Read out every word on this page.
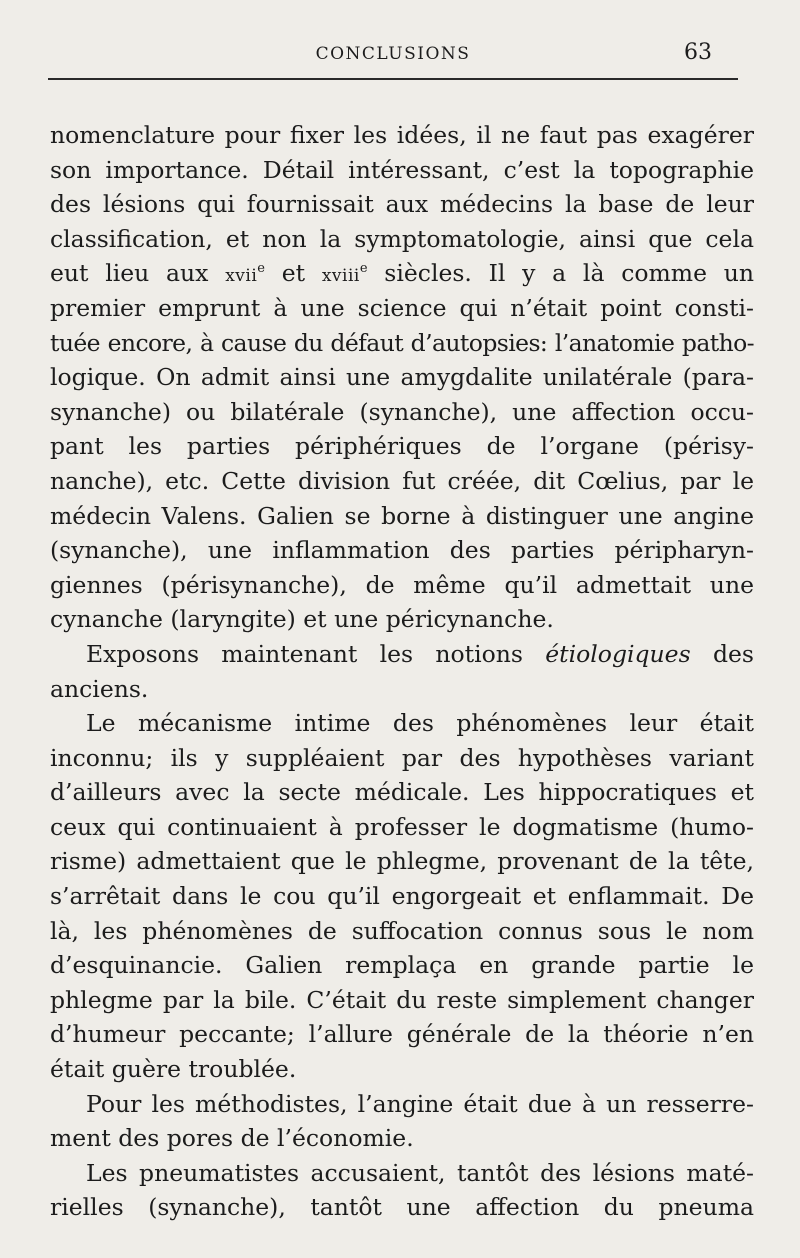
CONCLUSIONS	63
nomenclature pour fixer les idées, il ne faut pas exagérer
son importance. Détail intéressant, c’est la topographie
des lésions qui fournissait aux médecins la base de leur
classification, et non la symptomatologie, ainsi que cela
eut lieu aux xvii$^e$ et xviii$^e$ siècles. Il y a là comme un
premier emprunt à une science qui n’était point consti-
tuée encore, à cause du défaut d’autopsies: l’anatomie patho-
logique. On admit ainsi une amygdalite unilatérale (para-
synanche) ou bilatérale (synanche), une affection occu-
pant les parties périphériques de l’organe (périsy-
nanche), etc. Cette division fut créée, dit Cœlius, par le
médecin Valens. Galien se borne à distinguer une angine
(synanche), une inflammation des parties péripharyn-
giennes (périsynanche), de même qu’il admettait une
cynanche (laryngite) et une péricynanche.
Exposons maintenant les notions étiologiques des
anciens.
Le mécanisme intime des phénomènes leur était
inconnu; ils y suppléaient par des hypothèses variant
d’ailleurs avec la secte médicale. Les hippocratiques et
ceux qui continuaient à professer le dogmatisme (humo-
risme) admettaient que le phlegme, provenant de la tête,
s’arrêtait dans le cou qu’il engorgeait et enflammait. De
là, les phénomènes de suffocation connus sous le nom
d’esquinancie. Galien remplaça en grande partie le
phlegme par la bile. C’était du reste simplement changer
d’humeur peccante; l’allure générale de la théorie n’en
était guère troublée.
Pour les méthodistes, l’angine était due à un resserre-
ment des pores de l’économie.
Les pneumatistes accusaient, tantôt des lésions maté-
rielles (synanche), tantôt une affection du pneuma
